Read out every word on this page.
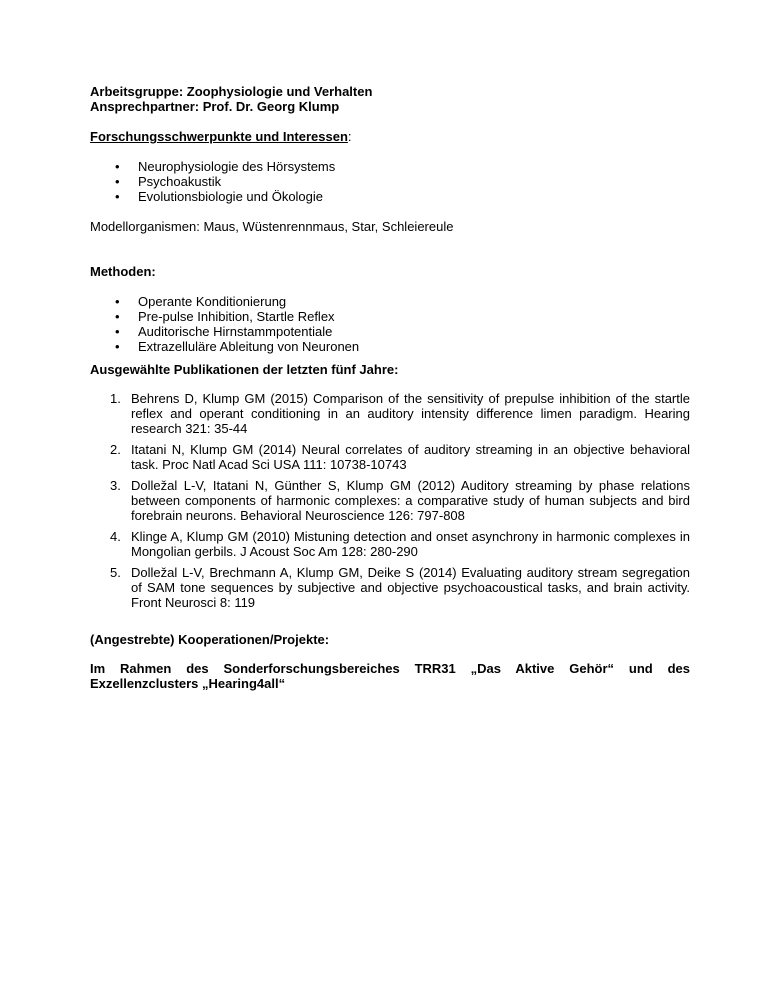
Arbeitsgruppe: Zoophysiologie und Verhalten

Ansprechpartner: Prof. Dr. Georg Klump

Forschungsschwerpunkte und Interessen:

• Neurophysiologie des Hörsystems
• Psychoakustik
• Evolutionsbiologie und Ökologie

Modellorganismen: Maus, Wüstenrennmaus, Star, Schleiereule

Methoden:

• Operante Konditionierung
• Pre-pulse Inhibition, Startle Reflex
• Auditorische Hirnstammpotentiale
• Extrazelluläre Ableitung von Neuronen

Ausgewählte Publikationen der letzten fünf Jahre:

1. Behrens D, Klump GM (2015) Comparison of the sensitivity of prepulse inhibition of the startle reflex and operant conditioning in an auditory intensity difference limen paradigm. Hearing research 321: 35-44
2. Itatani N, Klump GM (2014) Neural correlates of auditory streaming in an objective behavioral task. Proc Natl Acad Sci USA 111: 10738-10743
3. Dolležal L-V, Itatani N, Günther S, Klump GM (2012) Auditory streaming by phase relations between components of harmonic complexes: a comparative study of human subjects and bird forebrain neurons. Behavioral Neuroscience 126: 797-808
4. Klinge A, Klump GM (2010) Mistuning detection and onset asynchrony in harmonic complexes in Mongolian gerbils. J Acoust Soc Am 128: 280-290
5. Dolležal L-V, Brechmann A, Klump GM, Deike S (2014) Evaluating auditory stream segregation of SAM tone sequences by subjective and objective psychoacoustical tasks, and brain activity. Front Neurosci 8: 119

(Angestrebte) Kooperationen/Projekte:

Im Rahmen des Sonderforschungsbereiches TRR31 „Das Aktive Gehör“ und des

Exzellenzclusters „Hearing4all“
